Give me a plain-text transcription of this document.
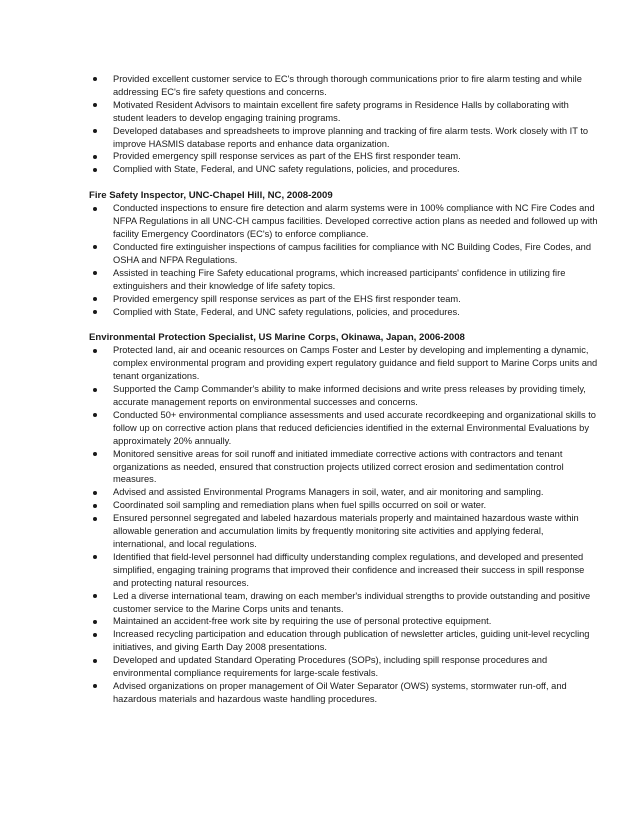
Provided excellent customer service to EC's through thorough communications prior to fire alarm testing and while addressing EC's fire safety questions and concerns.
Motivated Resident Advisors to maintain excellent fire safety programs in Residence Halls by collaborating with student leaders to develop engaging training programs.
Developed databases and spreadsheets to improve planning and tracking of fire alarm tests. Work closely with IT to improve HASMIS database reports and enhance data organization.
Provided emergency spill response services as part of the EHS first responder team.
Complied with State, Federal, and UNC safety regulations, policies, and procedures.
Fire Safety Inspector, UNC-Chapel Hill, NC, 2008-2009
Conducted inspections to ensure fire detection and alarm systems were in 100% compliance with NC Fire Codes and NFPA Regulations in all UNC-CH campus facilities. Developed corrective action plans as needed and followed up with facility Emergency Coordinators (EC's) to enforce compliance.
Conducted fire extinguisher inspections of campus facilities for compliance with NC Building Codes, Fire Codes, and OSHA and NFPA Regulations.
Assisted in teaching Fire Safety educational programs, which increased participants' confidence in utilizing fire extinguishers and their knowledge of life safety topics.
Provided emergency spill response services as part of the EHS first responder team.
Complied with State, Federal, and UNC safety regulations, policies, and procedures.
Environmental Protection Specialist, US Marine Corps, Okinawa, Japan, 2006-2008
Protected land, air and oceanic resources on Camps Foster and Lester by developing and implementing a dynamic, complex environmental program and providing expert regulatory guidance and field support to Marine Corps units and tenant organizations.
Supported the Camp Commander's ability to make informed decisions and write press releases by providing timely, accurate management reports on environmental successes and concerns.
Conducted 50+ environmental compliance assessments and used accurate recordkeeping and organizational skills to follow up on corrective action plans that reduced deficiencies identified in the external Environmental Evaluations by approximately 20% annually.
Monitored sensitive areas for soil runoff and initiated immediate corrective actions with contractors and tenant organizations as needed, ensured that construction projects utilized correct erosion and sedimentation control measures.
Advised and assisted Environmental Programs Managers in soil, water, and air monitoring and sampling.
Coordinated soil sampling and remediation plans when fuel spills occurred on soil or water.
Ensured personnel segregated and labeled hazardous materials properly and maintained hazardous waste within allowable generation and accumulation limits by frequently monitoring site activities and applying federal, international, and local regulations.
Identified that field-level personnel had difficulty understanding complex regulations, and developed and presented simplified, engaging training programs that improved their confidence and increased their success in spill response and protecting natural resources.
Led a diverse international team, drawing on each member's individual strengths to provide outstanding and positive customer service to the Marine Corps units and tenants.
Maintained an accident-free work site by requiring the use of personal protective equipment.
Increased recycling participation and education through publication of newsletter articles, guiding unit-level recycling initiatives, and giving Earth Day 2008 presentations.
Developed and updated Standard Operating Procedures (SOPs), including spill response procedures and environmental compliance requirements for large-scale festivals.
Advised organizations on proper management of Oil Water Separator (OWS) systems, stormwater run-off, and hazardous materials and hazardous waste handling procedures.
